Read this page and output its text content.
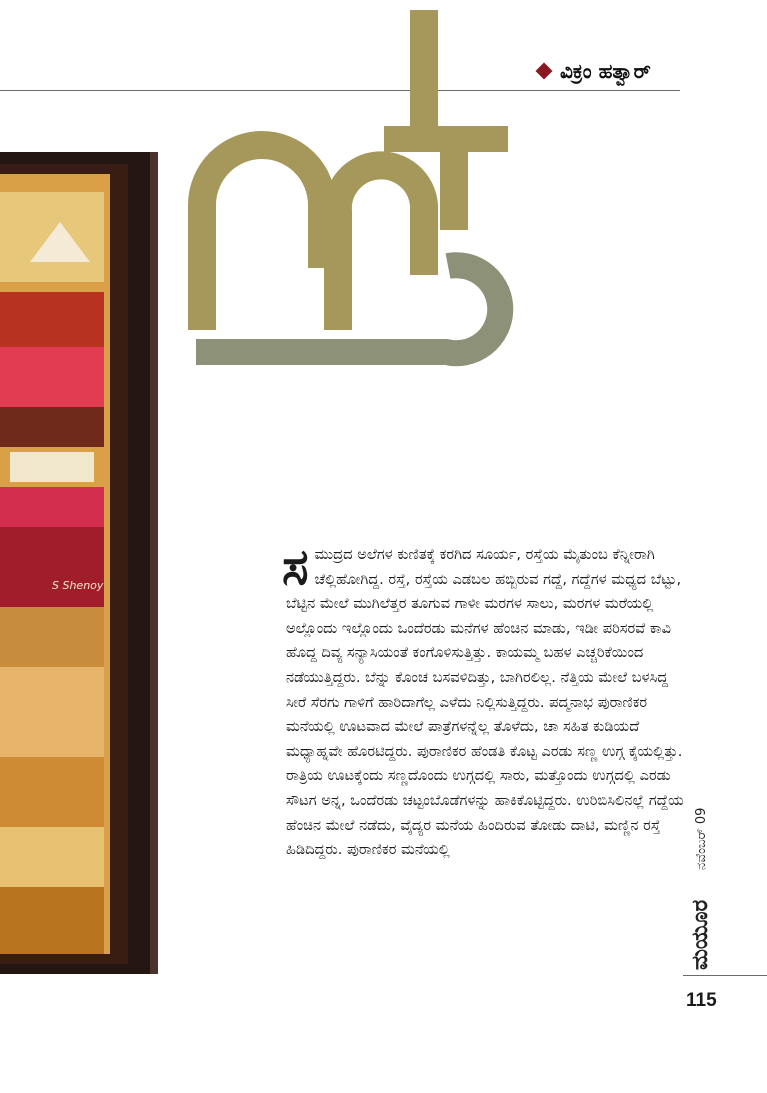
ವಿಕ್ರಂ ಹತ್ವಾರ್
S Shenoy	ಸಮುದ್ರದ ಅಲೆಗಳ ಕುಣಿತಕ್ಕೆ ಕರಗಿದ ಸೂರ್ಯ, ರಸ್ತೆಯ ಮೈತುಂಬ ಕೆನ್ನೀರಾಗಿ ಚೆಲ್ಲಿಹೋಗಿದ್ದ. ರಸ್ತೆ, ರಸ್ತೆಯ ಎಡಬಲ ಹಬ್ಬಿರುವ ಗದ್ದೆ, ಗದ್ದೆಗಳ ಮಧ್ಯದ ಬೆಟ್ಟು, ಬೆಟ್ಟಿನ ಮೇಲೆ ಮುಗಿಲೆತ್ತರ ತೂಗುವ ಗಾಳೀ ಮರಗಳ ಸಾಲು, ಮರಗಳ ಮರೆಯಲ್ಲಿ ಅಲ್ಲೊಂದು ಇಲ್ಲೊಂದು ಒಂದೆರಡು ಮನೆಗಳ ಹೆಂಚಿನ ಮಾಡು, ಇಡೀ ಪರಿಸರವೆ ಕಾವಿ ಹೊದ್ದ ದಿವ್ಯ ಸನ್ಯಾಸಿಯಂತೆ ಕಂಗೊಳಿಸುತ್ತಿತ್ತು. ಕಾಯಮ್ಮ ಬಹಳ ಎಚ್ಚರಿಕೆಯಿಂದ ನಡೆಯುತ್ತಿದ್ದರು. ಬೆನ್ನು ಕೊಂಚ ಬಸವಳಿದಿತ್ತು, ಬಾಗಿರಲಿಲ್ಲ. ನೆತ್ತಿಯ ಮೇಲೆ ಬಳಸಿದ್ದ ಸೀರೆ ಸೆರಗು ಗಾಳಿಗೆ ಹಾರಿದಾಗೆಲ್ಲ ಎಳೆದು ನಿಲ್ಲಿಸುತ್ತಿದ್ದರು. ಪದ್ಮನಾಭ ಪುರಾಣಿಕರ ಮನೆಯಲ್ಲಿ ಊಟವಾದ ಮೇಲೆ ಪಾತ್ರೆಗಳನ್ನೆಲ್ಲ ತೊಳೆದು, ಚಾ ಸಹಿತ ಕುಡಿಯದೆ ಮಧ್ಯಾಹ್ನವೇ ಹೊರಟಿದ್ದರು. ಪುರಾಣಿಕರ ಹೆಂಡತಿ ಕೊಟ್ಟ ಎರಡು ಸಣ್ಣ ಉಗ್ಗ ಕೈಯಲ್ಲಿತ್ತು. ರಾತ್ರಿಯ ಊಟಕ್ಕೆಂದು ಸಣ್ಣದೊಂದು ಉಗ್ಗದಲ್ಲಿ ಸಾರು, ಮತ್ತೊಂದು ಉಗ್ಗದಲ್ಲಿ ಎರಡು ಸೌಟಗ ಅನ್ನ, ಒಂದೆರಡು ಚಟ್ಟಂಬೊಡೆಗಳನ್ನು ಹಾಕಿಕೊಟ್ಟಿದ್ದರು. ಉರಿಬಿಸಿಲಿನಲ್ಲೆ ಗದ್ದೆಯ ಹೆಂಚಿನ ಮೇಲೆ ನಡೆದು, ವೈದ್ಯರ ಮನೆಯ ಹಿಂದಿರುವ ತೋಡು ದಾಟಿ, ಮಣ್ಣಿನ ರಸ್ತೆ ಹಿಡಿದಿದ್ದರು. ಪುರಾಣಿಕರ ಮನೆಯಲ್ಲಿ	ನವೆಂಬರ್ 09
ಮಯೂರ
115
